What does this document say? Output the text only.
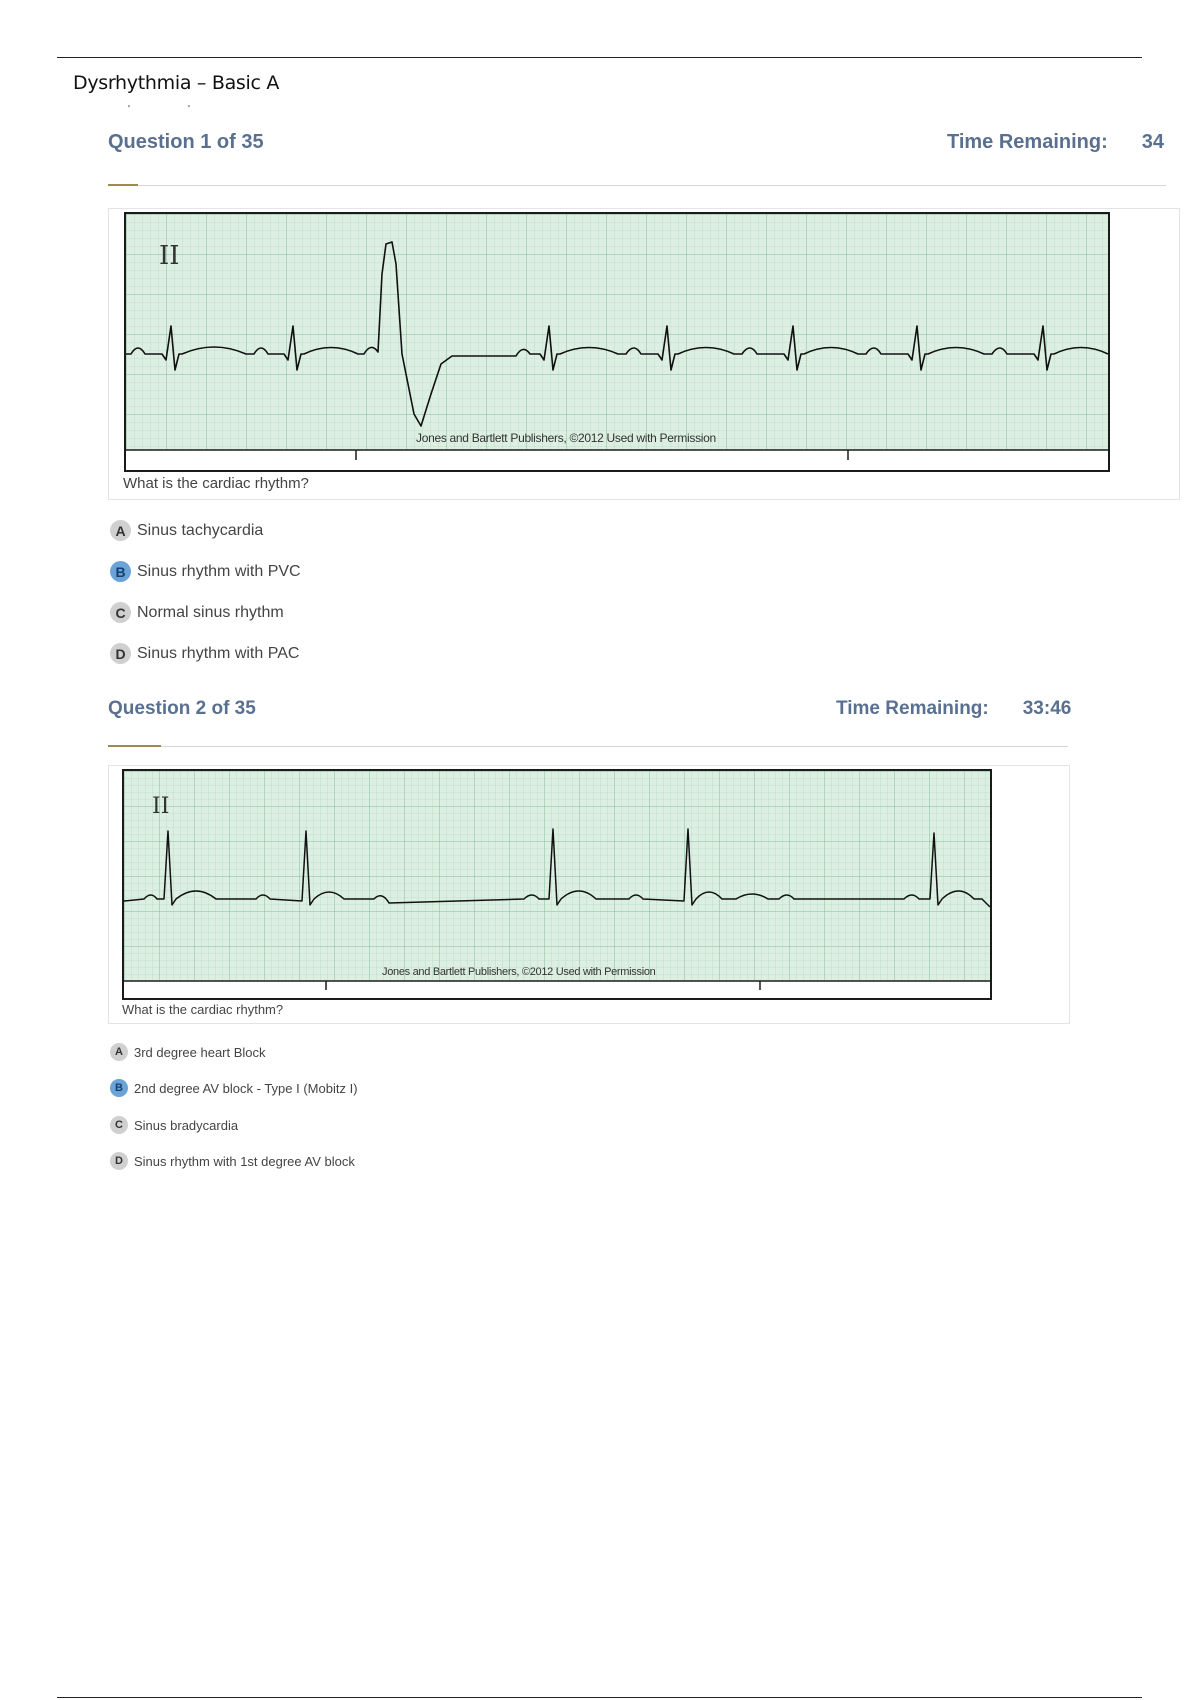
Dysrhythmia – Basic A
'	'
Question 1 of 35	Time Remaining: 34
II
Jones and Bartlett Publishers, ©2012 Used with Permission
What is the cardiac rhythm?
A Sinus tachycardia
B Sinus rhythm with PVC
C Normal sinus rhythm
D Sinus rhythm with PAC
Question 2 of 35	Time Remaining: 33:46
II
Jones and Bartlett Publishers, ©2012 Used with Permission
What is the cardiac rhythm?
A 3rd degree heart Block
B 2nd degree AV block - Type I (Mobitz I)
C Sinus bradycardia
D Sinus rhythm with 1st degree AV block
